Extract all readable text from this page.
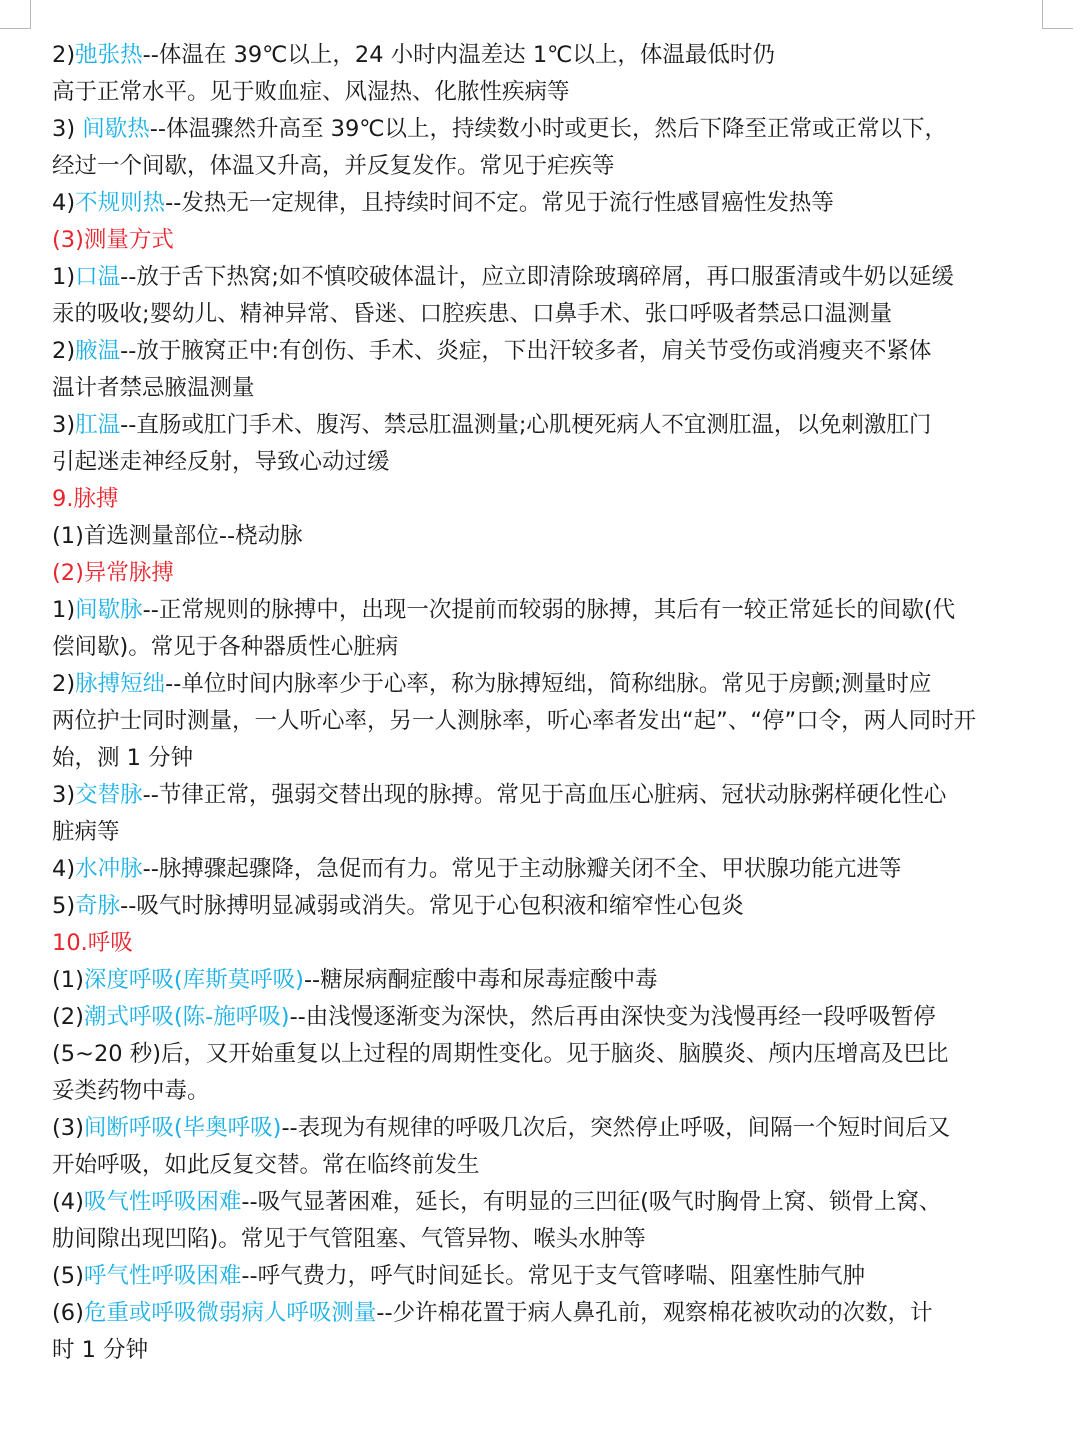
2)弛张热--体温在 39℃以上，24 小时内温差达 1℃以上，体温最低时仍
高于正常水平。见于败血症、风湿热、化脓性疾病等
3) 间歇热--体温骤然升高至 39℃以上，持续数小时或更长，然后下降至正常或正常以下，
经过一个间歇，体温又升高，并反复发作。常见于疟疾等
4)不规则热--发热无一定规律，且持续时间不定。常见于流行性感冒癌性发热等
(3)测量方式
1)口温--放于舌下热窝;如不慎咬破体温计，应立即清除玻璃碎屑，再口服蛋清或牛奶以延缓
汞的吸收;婴幼儿、精神异常、昏迷、口腔疾患、口鼻手术、张口呼吸者禁忌口温测量
2)腋温--放于腋窝正中:有创伤、手术、炎症，下出汗较多者，肩关节受伤或消瘦夹不紧体
温计者禁忌腋温测量
3)肛温--直肠或肛门手术、腹泻、禁忌肛温测量;心肌梗死病人不宜测肛温，以免刺激肛门
引起迷走神经反射，导致心动过缓
9.脉搏
(1)首选测量部位--桡动脉
(2)异常脉搏
1)间歇脉--正常规则的脉搏中，出现一次提前而较弱的脉搏，其后有一较正常延长的间歇(代
偿间歇)。常见于各种器质性心脏病
2)脉搏短绌--单位时间内脉率少于心率，称为脉搏短绌，简称绌脉。常见于房颤;测量时应
两位护士同时测量，一人听心率，另一人测脉率，听心率者发出“起”、“停”口令，两人同时开
始，测 1 分钟
3)交替脉--节律正常，强弱交替出现的脉搏。常见于高血压心脏病、冠状动脉粥样硬化性心
脏病等
4)水冲脉--脉搏骤起骤降，急促而有力。常见于主动脉瓣关闭不全、甲状腺功能亢进等
5)奇脉--吸气时脉搏明显减弱或消失。常见于心包积液和缩窄性心包炎
10.呼吸
(1)深度呼吸(库斯莫呼吸)--糖尿病酮症酸中毒和尿毒症酸中毒
(2)潮式呼吸(陈-施呼吸)--由浅慢逐渐变为深快，然后再由深快变为浅慢再经一段呼吸暂停
(5~20 秒)后，又开始重复以上过程的周期性变化。见于脑炎、脑膜炎、颅内压增高及巴比
妥类药物中毒。
(3)间断呼吸(毕奥呼吸)--表现为有规律的呼吸几次后，突然停止呼吸，间隔一个短时间后又
开始呼吸，如此反复交替。常在临终前发生
(4)吸气性呼吸困难--吸气显著困难，延长，有明显的三凹征(吸气时胸骨上窝、锁骨上窝、
肋间隙出现凹陷)。常见于气管阻塞、气管异物、喉头水肿等
(5)呼气性呼吸困难--呼气费力，呼气时间延长。常见于支气管哮喘、阻塞性肺气肿
(6)危重或呼吸微弱病人呼吸测量--少许棉花置于病人鼻孔前，观察棉花被吹动的次数，计
时 1 分钟
